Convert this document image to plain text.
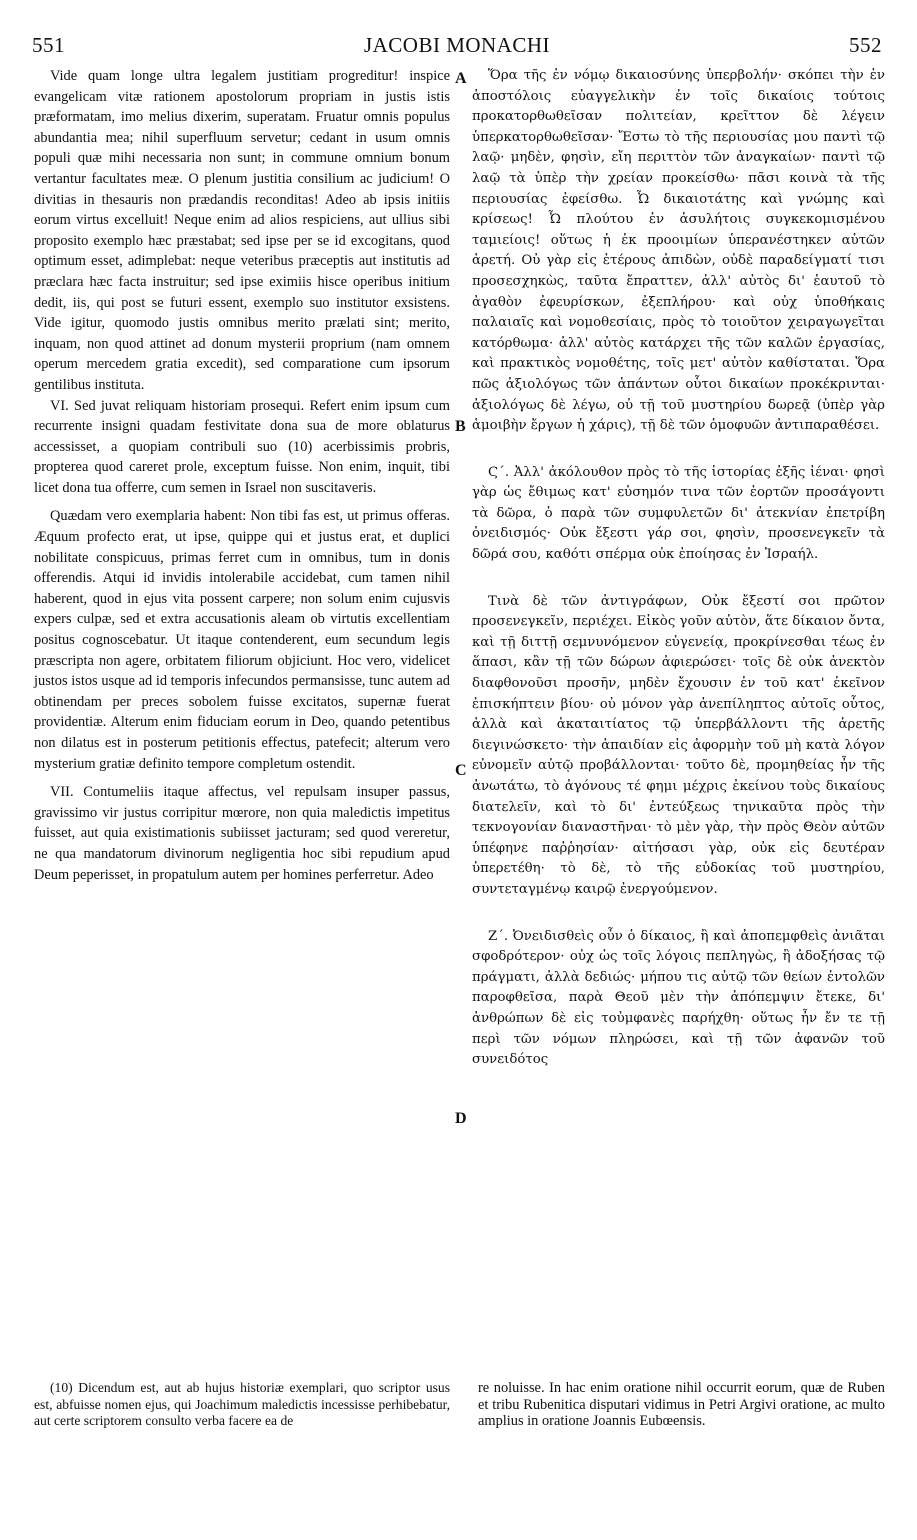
551	JACOBI MONACHI	552
A
B
C
D

Vide quam longe ultra legalem justitiam progreditur! inspice evangelicam vitæ rationem apostolorum propriam in justis istis præformatam, imo melius dixerim, superatam. Fruatur omnis populus abundantia mea; nihil superfluum servetur; cedant in usum omnis populi quæ mihi necessaria non sunt; in commune omnium bonum vertantur facultates meæ. O plenum justitia consilium ac judicium! O divitias in thesauris non prædandis reconditas! Adeo ab ipsis initiis eorum virtus excelluit! Neque enim ad alios respiciens, aut ullius sibi proposito exemplo hæc præstabat; sed ipse per se id excogitans, quod optimum esset, adimplebat: neque veteribus præceptis aut institutis ad præclara hæc facta instruitur; sed ipse eximiis hisce operibus initium dedit, iis, qui post se futuri essent, exemplo suo institutor exsistens. Vide igitur, quomodo justis omnibus merito prælati sint; merito, inquam, non quod attinet ad donum mysterii proprium (nam omnem operum mercedem gratia excedit), sed comparatione cum ipsorum gentilibus instituta.

VI. Sed juvat reliquam historiam prosequi. Refert enim ipsum cum recurrente insigni quadam festivitate dona sua de more oblaturus accessisset, a quopiam contribuli suo (10) acerbissimis probris, propterea quod careret prole, exceptum fuisse. Non enim, inquit, tibi licet dona tua offerre, cum semen in Israel non suscitaveris.

Quædam vero exemplaria habent: Non tibi fas est, ut primus offeras. Æquum profecto erat, ut ipse, quippe qui et justus erat, et duplici nobilitate conspicuus, primas ferret cum in omnibus, tum in donis offerendis. Atqui id invidis intolerabile accidebat, cum tamen nihil haberent, quod in ejus vita possent carpere; non solum enim cujusvis expers culpæ, sed et extra accusationis aleam ob virtutis excellentiam positus cognoscebatur. Ut itaque contenderent, eum secundum legis præscripta non agere, orbitatem filiorum objiciunt. Hoc vero, videlicet justos istos usque ad id temporis infecundos permansisse, tunc autem ad obtinendam per preces sobolem fuisse excitatos, supernæ fuerat providentiæ. Alterum enim fiduciam eorum in Deo, quando petentibus non dilatus est in posterum petitionis effectus, patefecit; alterum vero mysterium gratiæ definito tempore completum ostendit.

VII. Contumeliis itaque affectus, vel repulsam insuper passus, gravissimo vir justus corripitur mœrore, non quia maledictis impetitus fuisset, aut quia existimationis subiisset jacturam; sed quod vereretur, ne qua mandatorum divinorum negligentia hoc sibi repudium apud Deum peperisset, in propatulum autem per homines perferretur. Adeo

Ὅρα τῆς ἐν νόμῳ δικαιοσύνης ὑπερβολήν· σκόπει τὴν ἐν ἀποστόλοις εὐαγγελικὴν ἐν τοῖς δικαίοις τούτοις προκατορθωθεῖσαν πολιτείαν, κρεῖττον δὲ λέγειν ὑπερκατορθωθεῖσαν· Ἔστω τὸ τῆς περιουσίας μου παντὶ τῷ λαῷ· μηδὲν, φησὶν, εἴη περιττὸν τῶν ἀναγκαίων· παντὶ τῷ λαῷ τὰ ὑπὲρ τὴν χρείαν προκείσθω· πᾶσι κοινὰ τὰ τῆς περιουσίας ἐφείσθω. Ὦ δικαιοτάτης καὶ γνώμης καὶ κρίσεως! Ὦ πλούτου ἐν ἀσυλήτοις συγκεκομισμένου ταμιείοις! οὕτως ἡ ἐκ προοιμίων ὑπερανέστηκεν αὐτῶν ἀρετή. Οὐ γὰρ εἰς ἑτέρους ἀπιδὼν, οὐδὲ παραδείγματί τισι προσεσχηκὼς, ταῦτα ἔπραττεν, ἀλλ' αὐτὸς δι' ἑαυτοῦ τὸ ἀγαθὸν ἐφευρίσκων, ἐξεπλήρου· καὶ οὐχ ὑποθήκαις παλαιαῖς καὶ νομοθεσίαις, πρὸς τὸ τοιοῦτον χειραγωγεῖται κατόρθωμα· ἀλλ' αὐτὸς κατάρχει τῆς τῶν καλῶν ἐργασίας, καὶ πρακτικὸς νομοθέτης, τοῖς μετ' αὐτὸν καθίσταται. Ὅρα πῶς ἀξιολόγως τῶν ἁπάντων οὗτοι δικαίων προκέκρινται· ἀξιολόγως δὲ λέγω, οὐ τῇ τοῦ μυστηρίου δωρεᾷ (ὑπὲρ γὰρ ἁμοιβὴν ἔργων ἡ χάρις), τῇ δὲ τῶν ὁμοφυῶν ἀντιπαραθέσει.

Ϛ΄. Ἀλλ' ἀκόλουθον πρὸς τὸ τῆς ἱστορίας ἐξῆς ἰέναι· φησὶ γὰρ ὡς ἔθιμως κατ' εὐσημόν τινα τῶν ἑορτῶν προσάγοντι τὰ δῶρα, ὁ παρὰ τῶν συμφυλετῶν δι' ἀτεκνίαν ἐπετρίβη ὀνειδισμός· Οὐκ ἔξεστι γάρ σοι, φησὶν, προσενεγκεῖν τὰ δῶρά σου, καθότι σπέρμα οὐκ ἐποίησας ἐν Ἰσραήλ.

Τινὰ δὲ τῶν ἀντιγράφων, Οὐκ ἔξεστί σοι πρῶτον προσενεγκεῖν, περιέχει. Εἰκὸς γοῦν αὐτὸν, ἅτε δίκαιον ὄντα, καὶ τῇ διττῇ σεμνυνόμενον εὐγενείᾳ, προκρίνεσθαι τέως ἐν ἅπασι, κἂν τῇ τῶν δώρων ἀφιερώσει· τοῖς δὲ οὐκ ἀνεκτὸν διαφθονοῦσι προσῆν, μηδὲν ἔχουσιν ἐν τοῦ κατ' ἐκεῖνον ἐπισκήπτειν βίου· οὐ μόνον γὰρ ἀνεπίληπτος αὐτοῖς οὗτος, ἀλλὰ καὶ ἀκαταιτίατος τῷ ὑπερβάλλοντι τῆς ἀρετῆς διεγινώσκετο· τὴν ἀπαιδίαν εἰς ἀφορμὴν τοῦ μὴ κατὰ λόγον εὐνομεῖν αὐτῷ προβάλλονται· τοῦτο δὲ, προμηθείας ἦν τῆς ἀνωτάτω, τὸ ἀγόνους τέ φημι μέχρις ἐκείνου τοὺς δικαίους διατελεῖν, καὶ τὸ δι' ἐντεύξεως τηνικαῦτα πρὸς τὴν τεκνογονίαν διαναστῆναι· τὸ μὲν γὰρ, τὴν πρὸς Θεὸν αὐτῶν ὑπέφηνε παῤῥησίαν· αἰτήσασι γὰρ, οὐκ εἰς δευτέραν ὑπερετέθη· τὸ δὲ, τὸ τῆς εὐδοκίας τοῦ μυστηρίου, συντεταγμένῳ καιρῷ ἐνεργούμενον.

Ζ΄. Ὀνειδισθεὶς οὖν ὁ δίκαιος, ἢ καὶ ἀποπεμφθεὶς ἀνιᾶται σφοδρότερον· οὐχ ὡς τοῖς λόγοις πεπληγὼς, ἢ ἀδοξήσας τῷ πράγματι, ἀλλὰ δεδιώς· μήπου τις αὐτῷ τῶν θείων ἐντολῶν παροφθεῖσα, παρὰ Θεοῦ μὲν τὴν ἀπόπεμψιν ἔτεκε, δι' ἀνθρώπων δὲ εἰς τοὐμφανὲς παρήχθη· οὕτως ἦν ἔν τε τῇ περὶ τῶν νόμων πληρώσει, καὶ τῇ τῶν ἀφανῶν τοῦ συνειδότος

(10) Dicendum est, aut ab hujus historiæ exemplari, quo scriptor usus est, abfuisse nomen ejus, qui Joachimum maledictis incessisse perhibebatur, aut certe scriptorem consulto verba facere ea de

re noluisse. In hac enim oratione nihil occurrit eorum, quæ de Ruben et tribu Rubenitica disputari vidimus in Petri Argivi oratione, ac multo amplius in oratione Joannis Eubœensis.
